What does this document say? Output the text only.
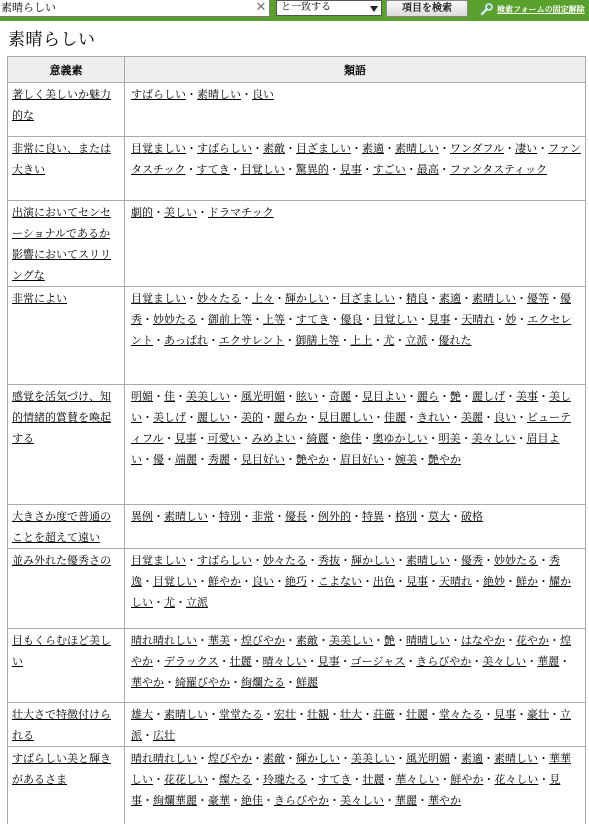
素晴らしい	✕	と一致する	項目を検索	検索フォームの固定解除
素晴らしい
意義素	類語
著しく美しいか魅力的な	すばらしい・素晴しい・良い
非常に良い、または大きい	目覚ましい・すばらしい・素敵・目ざましい・素適・素晴しい・ワンダフル・凄い・ファンタスチック・すてき・目覚しい・驚異的・見事・すごい・最高・ファンタスティック
出演においてセンセーショナルであるか影響においてスリリングな	劇的・美しい・ドラマチック
非常によい	目覚ましい・妙々たる・上々・輝かしい・目ざましい・精良・素適・素晴しい・優等・優秀・妙妙たる・御前上等・上等・すてき・優良・目覚しい・見事・天晴れ・妙・エクセレント・あっぱれ・エクサレント・御膳上等・上上・尤・立派・優れた
感覚を活気づけ、知的情緒的賞賛を喚起する	明媚・佳・美美しい・風光明媚・眩い・奇麗・見目よい・麗ら・艶・麗しげ・美事・美しい・美しげ・麗しい・美的・麗らか・見目麗しい・佳麗・きれい・美麗・良い・ビューティフル・見事・可愛い・みめよい・綺麗・絶佳・奥ゆかしい・明美・美々しい・眉目よい・優・端麗・秀麗・見目好い・艶やか・眉目好い・婉美・艶やか
大きさか度で普通のことを超えて遠い	異例・素晴しい・特別・非常・優長・例外的・特異・格別・莫大・破格
並み外れた優秀さの	目覚ましい・すばらしい・妙々たる・秀抜・輝かしい・素晴しい・優秀・妙妙たる・秀逸・目覚しい・鮮やか・良い・絶巧・こよない・出色・見事・天晴れ・絶妙・鮮か・耀かしい・尤・立派
目もくらむほど美しい	晴れ晴れしい・華美・煌びやか・素敵・美美しい・艶・晴晴しい・はなやか・花やか・煌やか・デラックス・壮麗・晴々しい・見事・ゴージャス・きらびやか・美々しい・華麗・華やか・綺羅びやか・絢爛たる・鮮麗
壮大さで特徴付けられる	雄大・素晴しい・堂堂たる・宏壮・壮観・壮大・荘厳・壮麗・堂々たる・見事・豪壮・立派・広壮
すばらしい美と輝きがあるさま	晴れ晴れしい・煌びやか・素敵・輝かしい・美美しい・風光明媚・素適・素晴しい・華華しい・花花しい・燦たる・玲瓏たる・すてき・壮麗・華々しい・鮮やか・花々しい・見事・絢爛華麗・豪華・絶佳・きらびやか・美々しい・華麗・華やか
